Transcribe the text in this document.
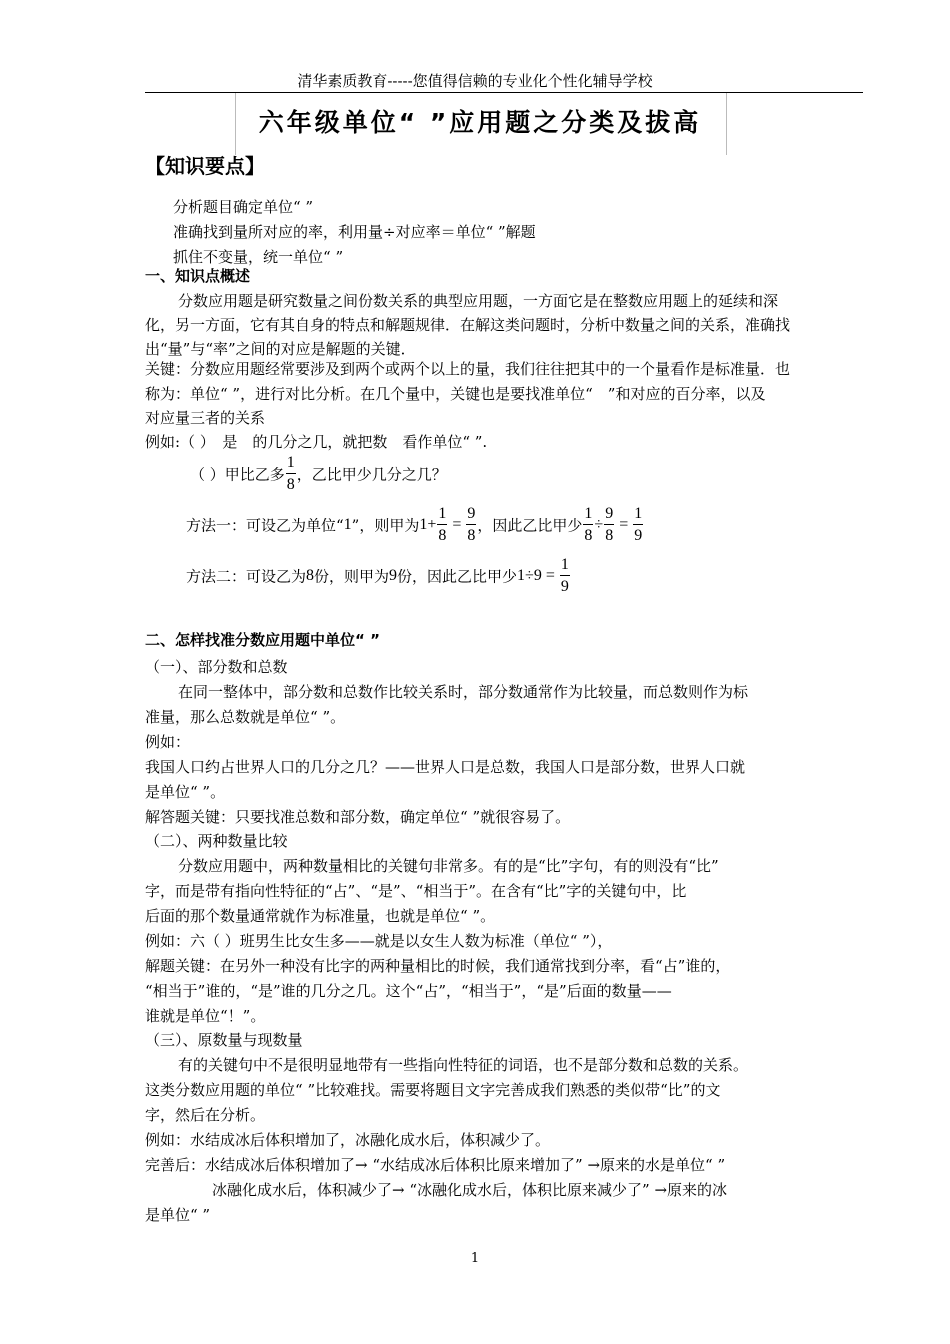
清华素质教育-----您值得信赖的专业化个性化辅导学校
六年级单位“ ”应用题之分类及拔高
【知识要点】
分析题目确定单位“ ”
准确找到量所对应的率，利用量÷对应率＝单位“ ”解题
抓住不变量，统一单位“ ”
一、知识点概述
分数应用题是研究数量之间份数关系的典型应用题，一方面它是在整数应用题上的延续和深
化，另一方面，它有其自身的特点和解题规律．在解这类问题时，分析中数量之间的关系，准确找
出“量”与“率”之间的对应是解题的关键．
关键：分数应用题经常要涉及到两个或两个以上的量，我们往往把其中的一个量看作是标准量．也
称为：单位“ ”，进行对比分析。在几个量中，关键也是要找准单位“　”和对应的百分率，以及
对应量三者的关系
例如:（ ）　是　的几分之几，就把数　看作单位“ ”.
（ ）甲比乙多 $\frac{1}{8}$ ，乙比甲少几分之几？
方法一：可设乙为单位“1”，则甲为$1+ \frac{1}{8} = \frac{9}{8}$ ，因此乙比甲少 $\frac{1}{8} \div \frac{9}{8} = \frac{1}{9}$
方法二：可设乙为8份，则甲为9份，因此乙比甲少$1\div 9 = \frac{1}{9}$
二、怎样找准分数应用题中单位“ ”
（一）、部分数和总数
在同一整体中，部分数和总数作比较关系时，部分数通常作为比较量，而总数则作为标
准量，那么总数就是单位“ ”。
例如：
我国人口约占世界人口的几分之几？——世界人口是总数，我国人口是部分数，世界人口就
是单位“ ”。
解答题关键：只要找准总数和部分数，确定单位“ ”就很容易了。
（二）、两种数量比较
分数应用题中，两种数量相比的关键句非常多。有的是“比”字句，有的则没有“比”
字，而是带有指向性特征的“占”、“是”、“相当于”。在含有“比”字的关键句中，比
后面的那个数量通常就作为标准量，也就是单位“ ”。
例如：六（ ）班男生比女生多——就是以女生人数为标准（单位“ ”），
解题关键：在另外一种没有比字的两种量相比的时候，我们通常找到分率，看“占”谁的，
“相当于”谁的，“是”谁的几分之几。这个“占”，“相当于”，“是”后面的数量——
谁就是单位“！”。
（三）、原数量与现数量
有的关键句中不是很明显地带有一些指向性特征的词语，也不是部分数和总数的关系。
这类分数应用题的单位“ ”比较难找。需要将题目文字完善成我们熟悉的类似带“比”的文
字，然后在分析。
例如：水结成冰后体积增加了，冰融化成水后，体积减少了。
完善后：水结成冰后体积增加了→ “水结成冰后体积比原来增加了” →原来的水是单位“ ”
冰融化成水后，体积减少了→ “冰融化成水后，体积比原来减少了” →原来的冰
是单位“ ”
1
